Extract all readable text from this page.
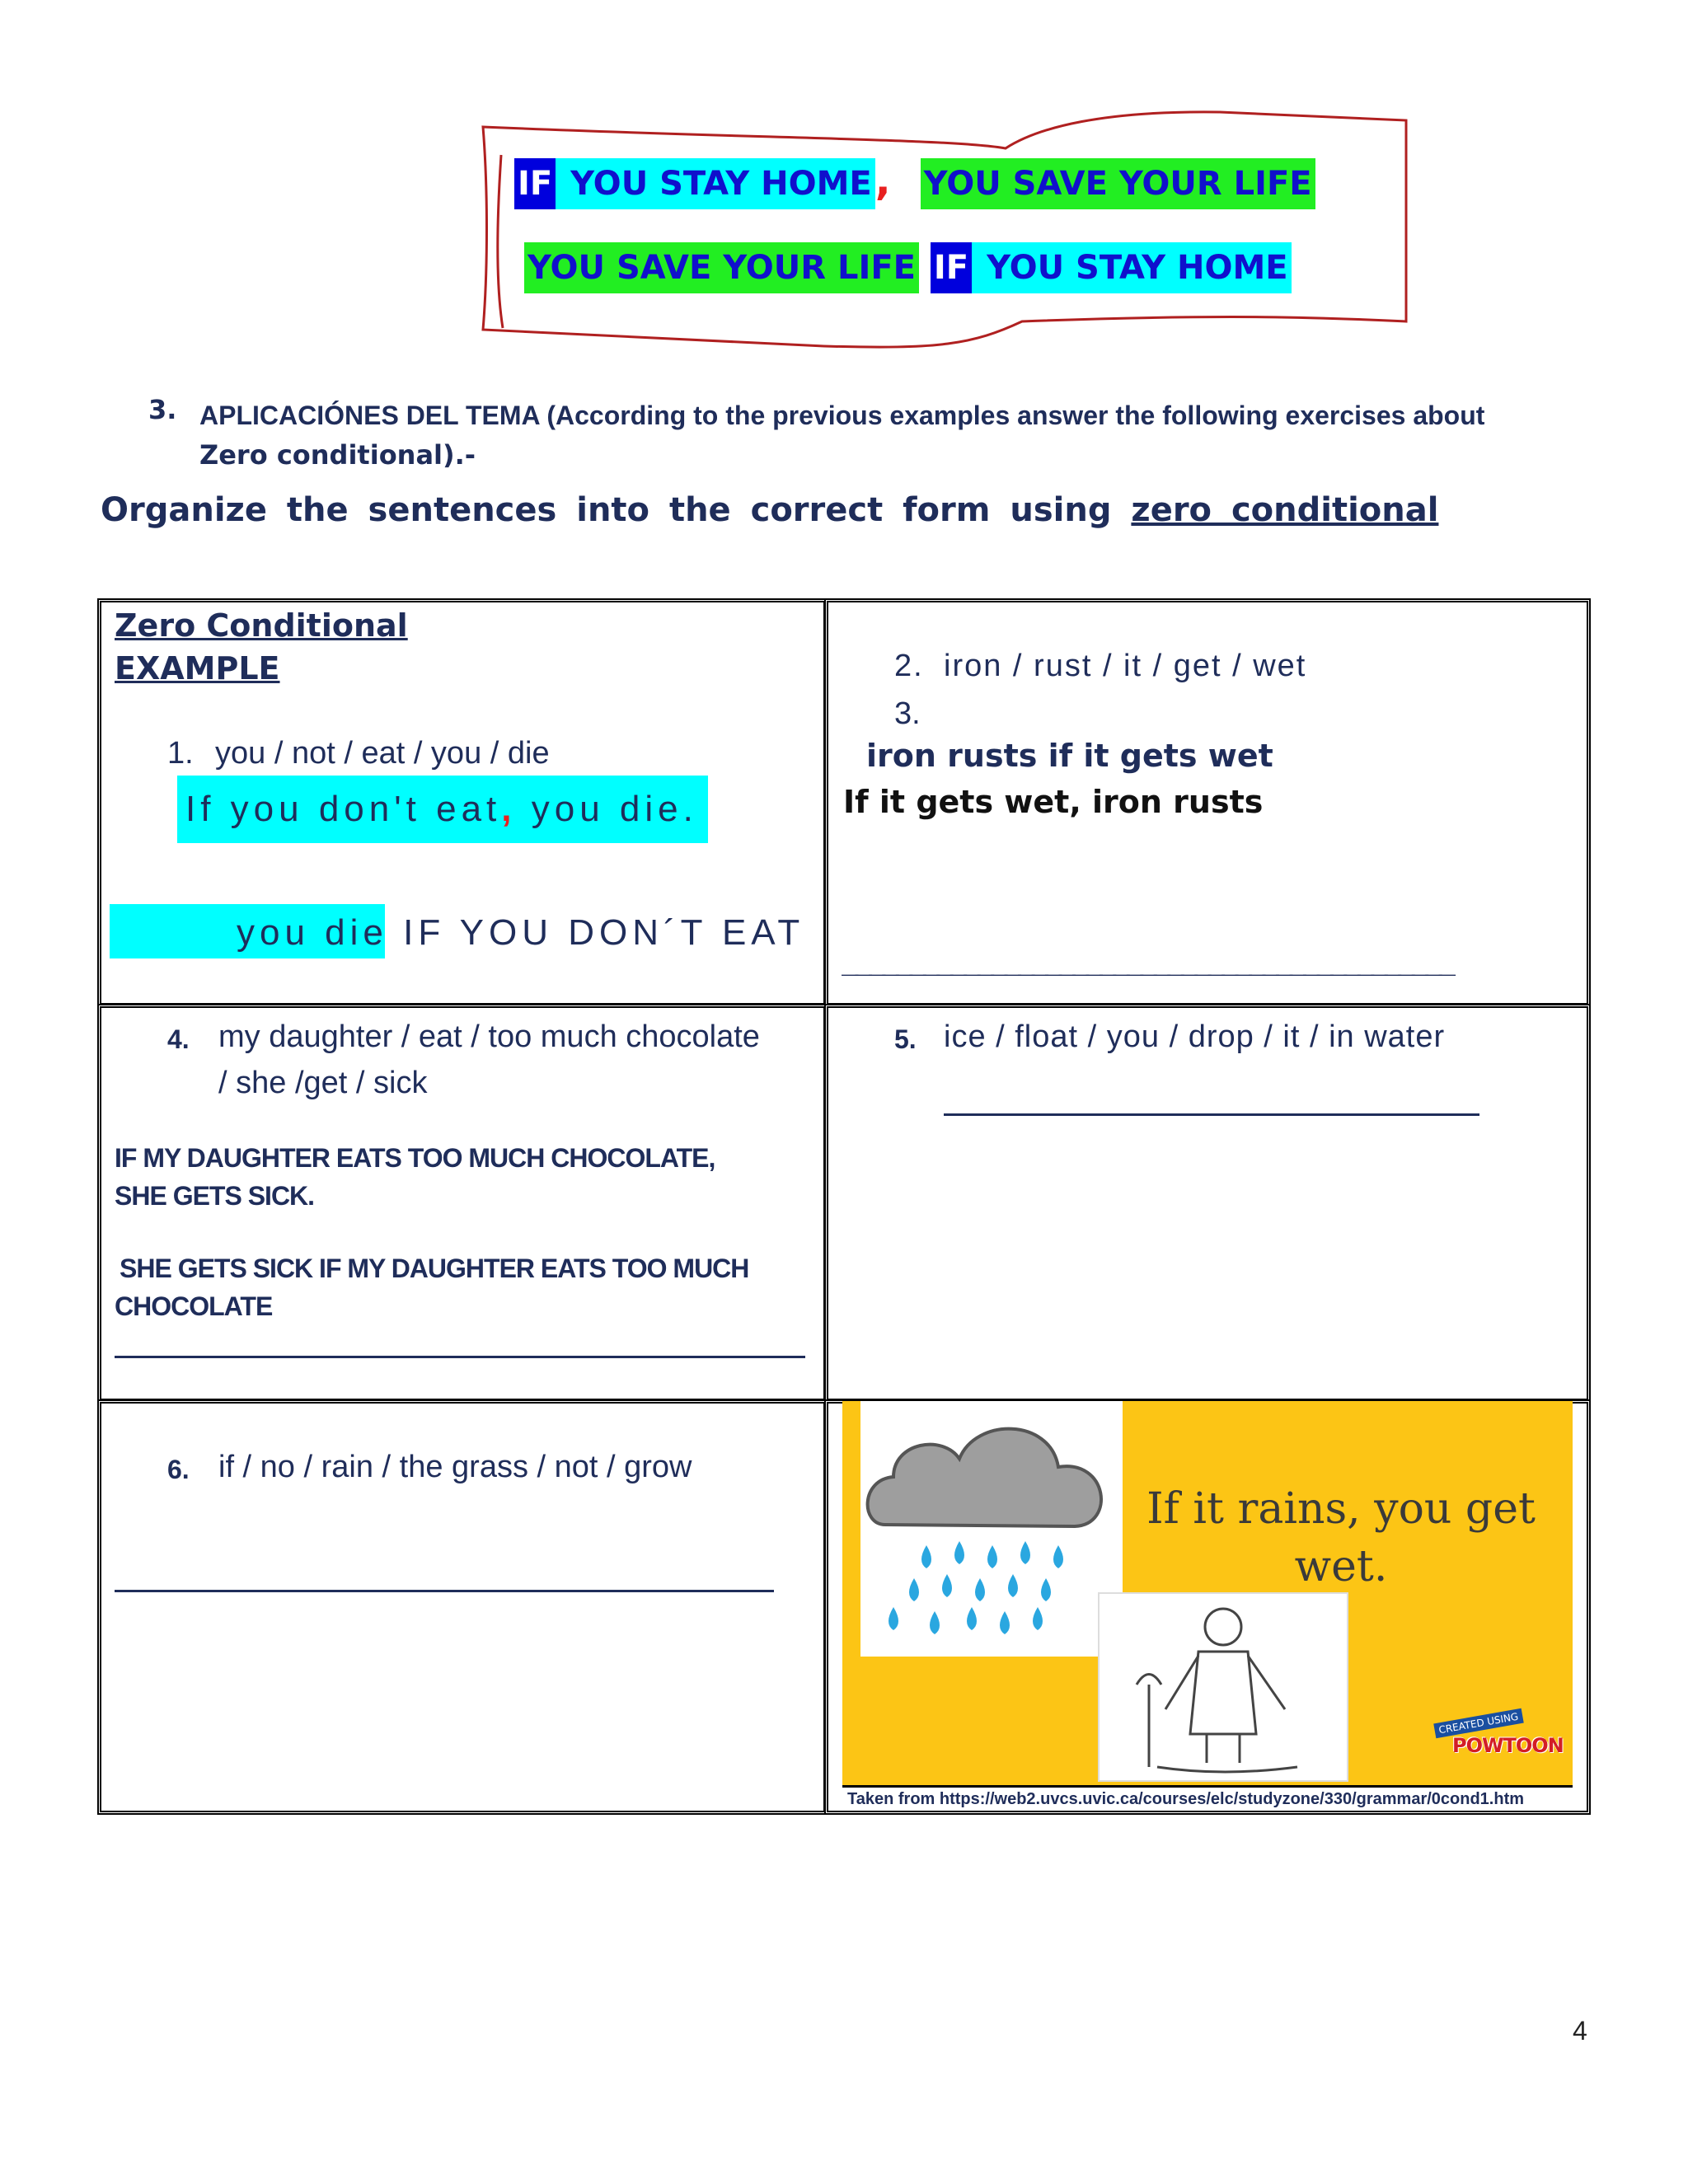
IF YOU STAY HOME, YOU SAVE YOUR LIFE
YOU SAVE YOUR LIFE IF YOU STAY HOME
3. APLICACIÓNES DEL TEMA (According to the previous examples answer the following exercises about
Zero conditional).-
Organize the sentences into the correct form using zero conditional
Zero Conditional
EXAMPLE
1. you / not / eat / you / die
If you don't eat, you die.
you die IF YOU DON´T EAT
2. iron / rust / it / get / wet
3.
iron rusts if it gets wet
If it gets wet, iron rusts
_____________________________________________
4. my daughter / eat / too much chocolate
/ she /get / sick
IF MY DAUGHTER EATS TOO MUCH CHOCOLATE,
SHE GETS SICK.
SHE GETS SICK IF MY DAUGHTER EATS TOO MUCH
CHOCOLATE
5. ice / float / you / drop / it / in water
6. if / no / rain / the grass / not / grow
If it rains, you get
wet.
CREATED USING
POWTOON
Taken from https://web2.uvcs.uvic.ca/courses/elc/studyzone/330/grammar/0cond1.htm
4
